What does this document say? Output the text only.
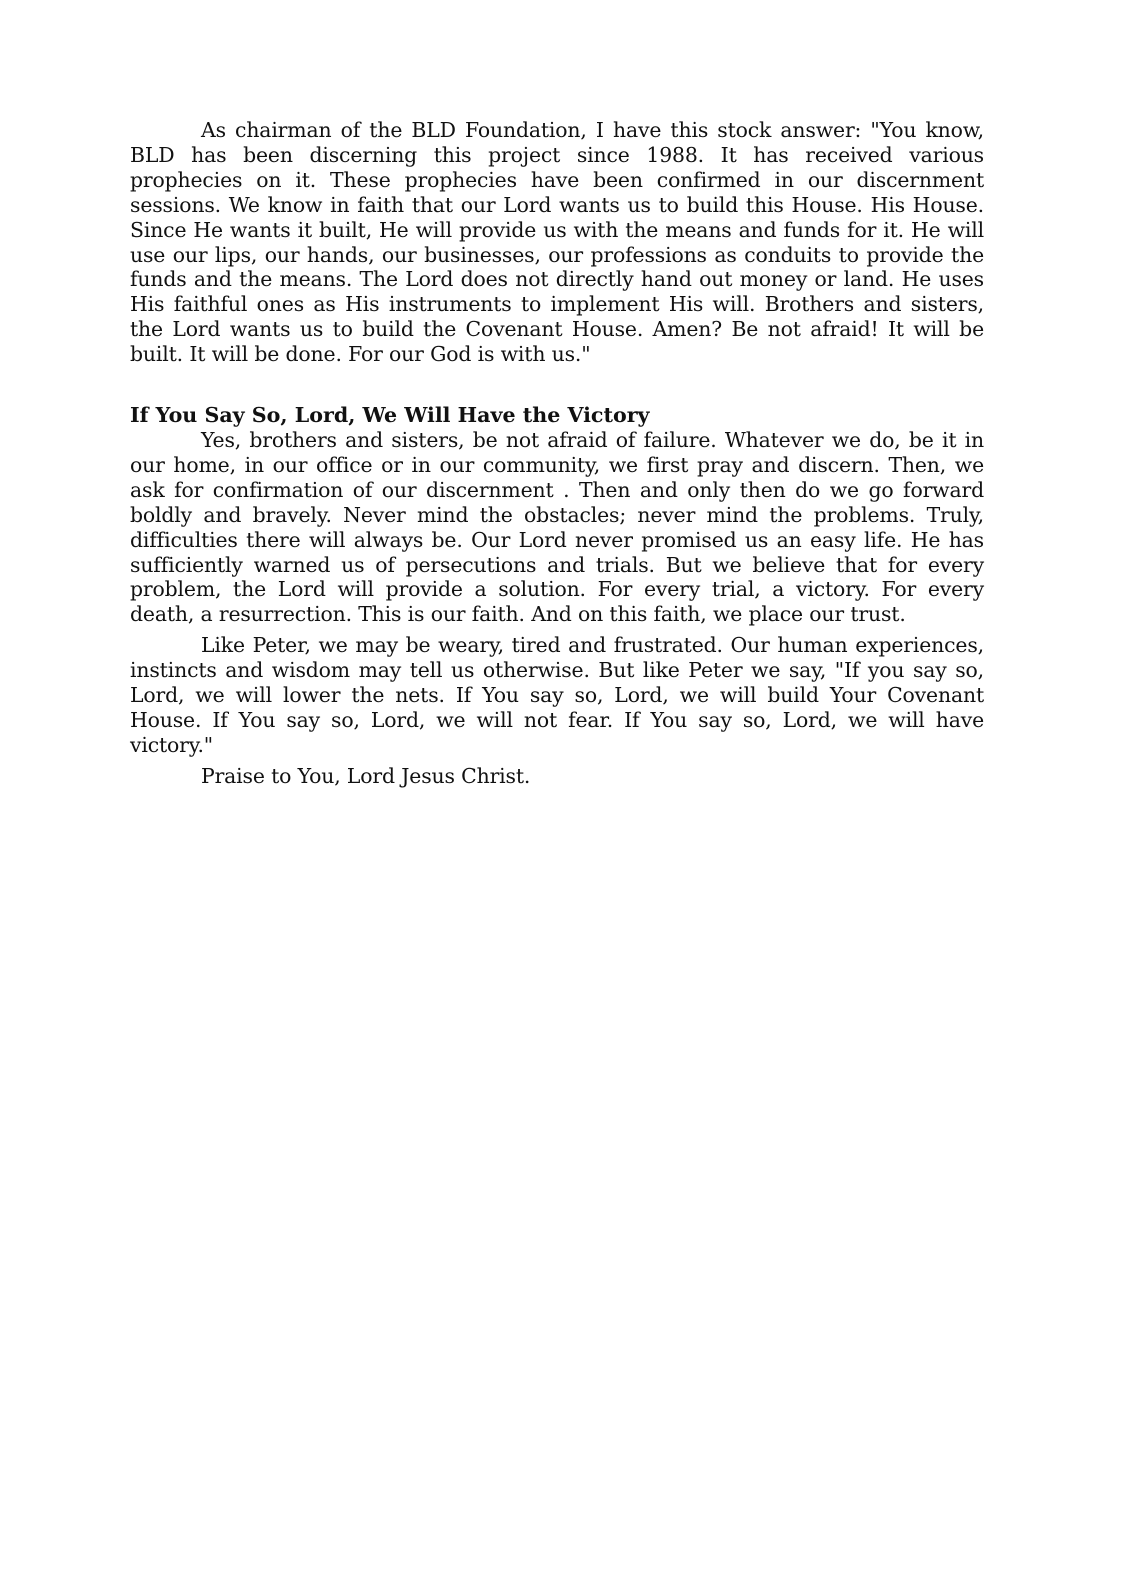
As chairman of the BLD Foundation, I have this stock answer: "You know, BLD has been discerning this project since 1988. It has received various prophecies on it. These prophecies have been confirmed in our discernment sessions. We know in faith that our Lord wants us to build this House. His House. Since He wants it built, He will provide us with the means and funds for it. He will use our lips, our hands, our businesses, our professions as conduits to provide the funds and the means. The Lord does not directly hand out money or land. He uses His faithful ones as His instruments to implement His will. Brothers and sisters, the Lord wants us to build the Covenant House. Amen? Be not afraid! It will be built. It will be done. For our God is with us."

If You Say So, Lord, We Will Have the Victory

Yes, brothers and sisters, be not afraid of failure. Whatever we do, be it in our home, in our office or in our community, we first pray and discern. Then, we ask for confirmation of our discernment . Then and only then do we go forward boldly and bravely. Never mind the obstacles; never mind the problems. Truly, difficulties there will always be. Our Lord never promised us an easy life. He has sufficiently warned us of persecutions and trials. But we believe that for every problem, the Lord will provide a solution. For every trial, a victory. For every death, a resurrection. This is our faith. And on this faith, we place our trust.

Like Peter, we may be weary, tired and frustrated. Our human experiences, instincts and wisdom may tell us otherwise. But like Peter we say, "If you say so, Lord, we will lower the nets. If You say so, Lord, we will build Your Covenant House. If You say so, Lord, we will not fear. If You say so, Lord, we will have victory."

Praise to You, Lord Jesus Christ.
